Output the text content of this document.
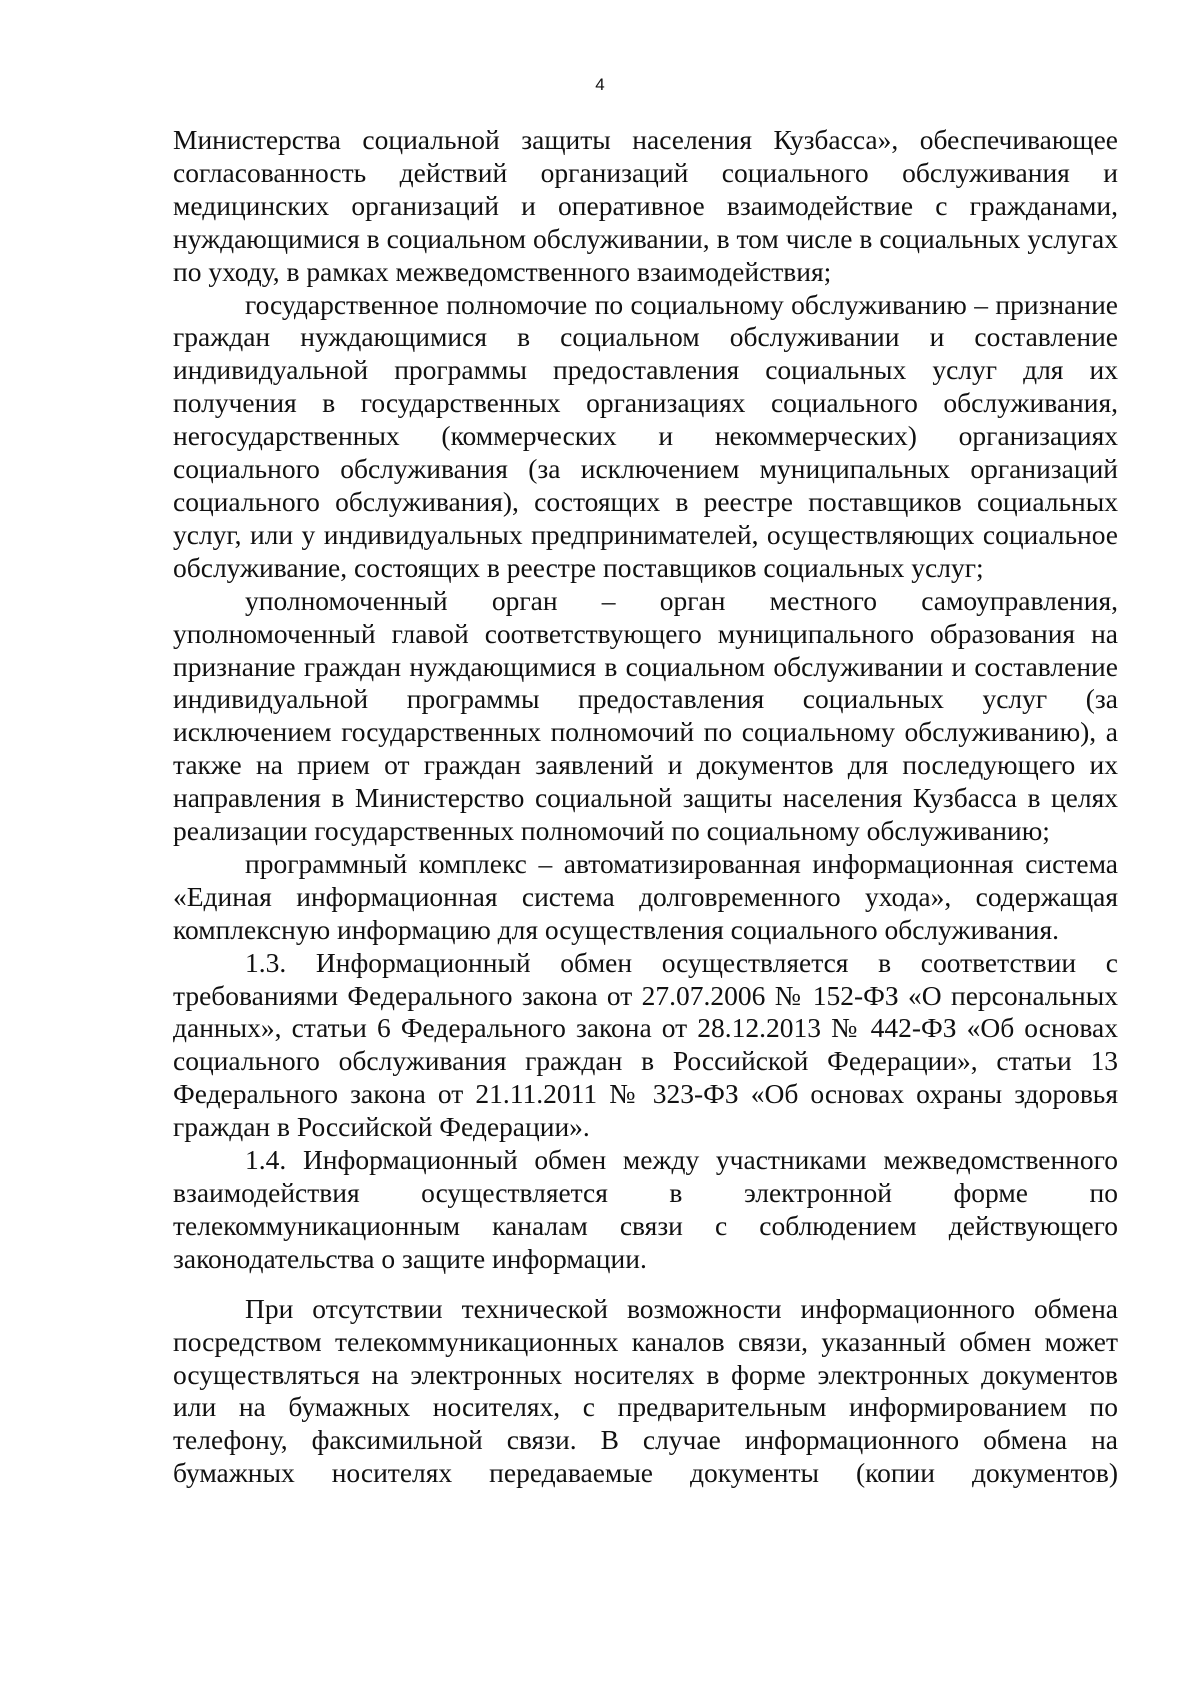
4

Министерства социальной защиты населения Кузбасса», обеспечивающее согласованность действий организаций социального обслуживания и медицинских организаций и оперативное взаимодействие с гражданами, нуждающимися в социальном обслуживании, в том числе в социальных услугах по уходу, в рамках межведомственного взаимодействия;

государственное полномочие по социальному обслуживанию – признание граждан нуждающимися в социальном обслуживании и составление индивидуальной программы предоставления социальных услуг для их получения в государственных организациях социального обслуживания, негосударственных (коммерческих и некоммерческих) организациях социального обслуживания (за исключением муниципальных организаций социального обслуживания), состоящих в реестре поставщиков социальных услуг, или у индивидуальных предпринимателей, осуществляющих социальное обслуживание, состоящих в реестре поставщиков социальных услуг;

уполномоченный орган – орган местного самоуправления, уполномоченный главой соответствующего муниципального образования на признание граждан нуждающимися в социальном обслуживании и составление индивидуальной программы предоставления социальных услуг (за исключением государственных полномочий по социальному обслуживанию), а также на прием от граждан заявлений и документов для последующего их направления в Министерство социальной защиты населения Кузбасса в целях реализации государственных полномочий по социальному обслуживанию;

программный комплекс – автоматизированная информационная система «Единая информационная система долговременного ухода», содержащая комплексную информацию для осуществления социального обслуживания.

1.3. Информационный обмен осуществляется в соответствии с требованиями Федерального закона от 27.07.2006 № 152-ФЗ «О персональных данных», статьи 6 Федерального закона от 28.12.2013 № 442-ФЗ «Об основах социального обслуживания граждан в Российской Федерации», статьи 13 Федерального закона от 21.11.2011 № 323-ФЗ «Об основах охраны здоровья граждан в Российской Федерации».

1.4. Информационный обмен между участниками межведомственного взаимодействия осуществляется в электронной форме по телекоммуникационным каналам связи с соблюдением действующего законодательства о защите информации.

При отсутствии технической возможности информационного обмена посредством телекоммуникационных каналов связи, указанный обмен может осуществляться на электронных носителях в форме электронных документов или на бумажных носителях, с предварительным информированием по телефону, факсимильной связи. В случае информационного обмена на бумажных носителях передаваемые документы (копии документов)
